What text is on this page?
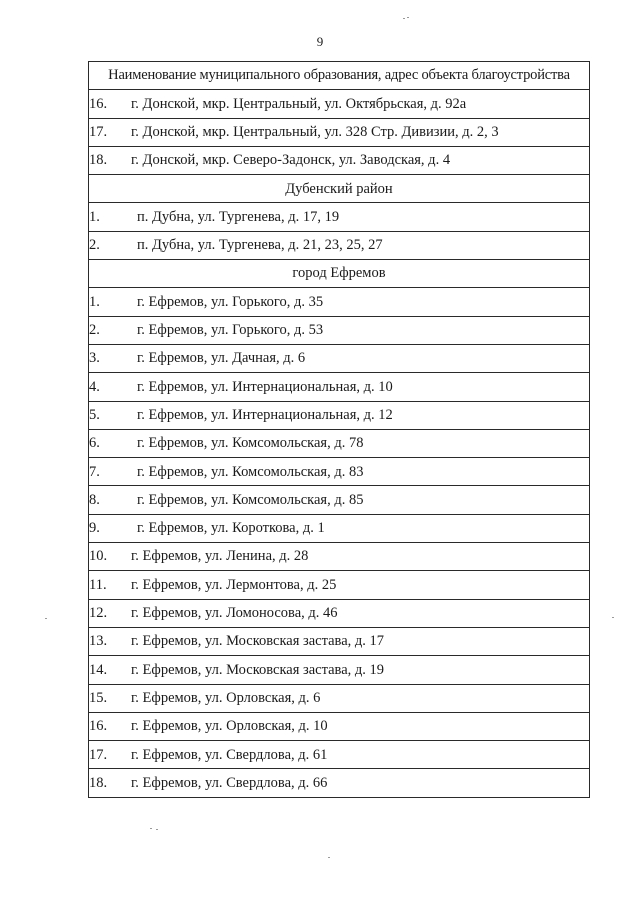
9
Наименование муниципального образования, адрес объекта благоустройства
16. г. Донской, мкр. Центральный, ул. Октябрьская, д. 92а
17. г. Донской, мкр. Центральный, ул. 328 Стр. Дивизии, д. 2, 3
18. г. Донской, мкр. Северо-Задонск, ул. Заводская, д. 4
Дубенский район
1.	п. Дубна, ул. Тургенева, д. 17, 19
2.	п. Дубна, ул. Тургенева, д. 21, 23, 25, 27
город Ефремов
1.	г. Ефремов, ул. Горького, д. 35
2.	г. Ефремов, ул. Горького, д. 53
3.	г. Ефремов, ул. Дачная, д. 6
4.	г. Ефремов, ул. Интернациональная, д. 10
5.	г. Ефремов, ул. Интернациональная, д. 12
6.	г. Ефремов, ул. Комсомольская, д. 78
7.	г. Ефремов, ул. Комсомольская, д. 83
8.	г. Ефремов, ул. Комсомольская, д. 85
9.	г. Ефремов, ул. Короткова, д. 1
10. г. Ефремов, ул. Ленина, д. 28
11. г. Ефремов, ул. Лермонтова, д. 25
12. г. Ефремов, ул. Ломоносова, д. 46
13. г. Ефремов, ул. Московская застава, д. 17
14. г. Ефремов, ул. Московская застава, д. 19
15. г. Ефремов, ул. Орловская, д. 6
16. г. Ефремов, ул. Орловская, д. 10
17. г. Ефремов, ул. Свердлова, д. 61
18. г. Ефремов, ул. Свердлова, д. 66
